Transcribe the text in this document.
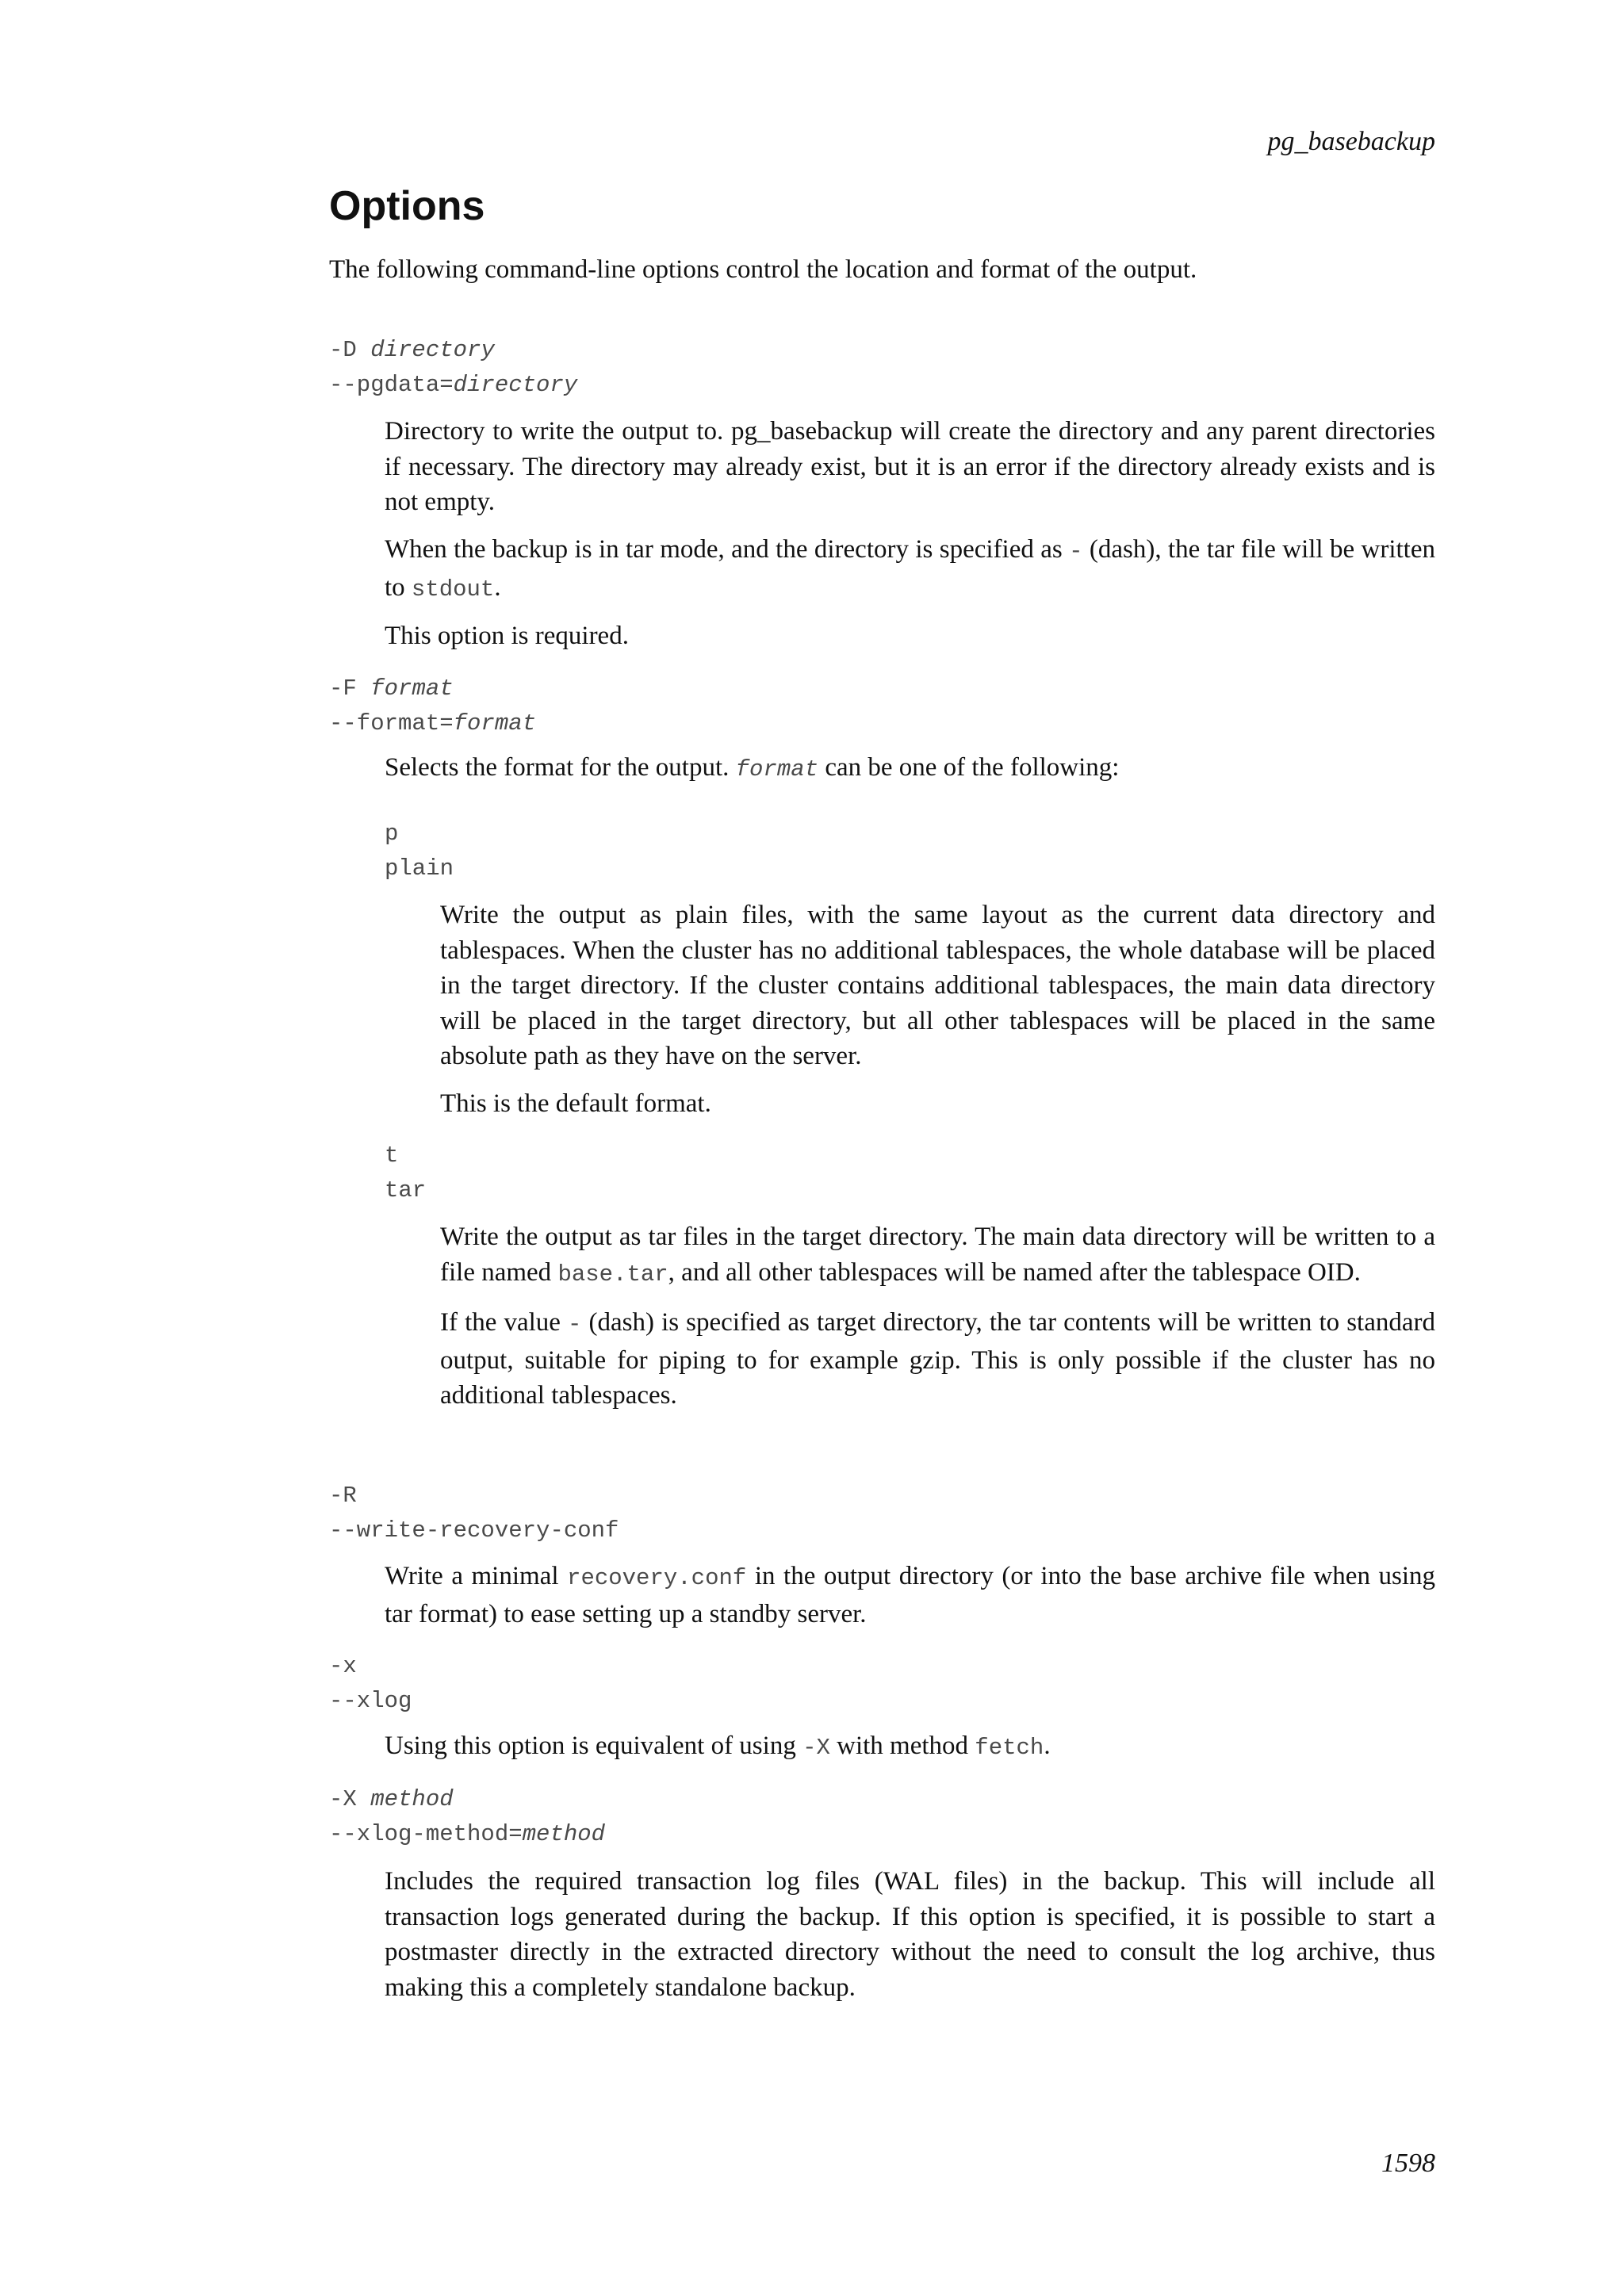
pg_basebackup
Options

The following command-line options control the location and format of the output.

-D directory
--pgdata=directory

Directory to write the output to. pg_basebackup will create the directory and any parent directories if necessary. The directory may already exist, but it is an error if the directory already exists and is not empty.

When the backup is in tar mode, and the directory is specified as - (dash), the tar file will be written to stdout.

This option is required.

-F format
--format=format

Selects the format for the output. format can be one of the following:

p
plain

Write the output as plain files, with the same layout as the current data directory and tablespaces. When the cluster has no additional tablespaces, the whole database will be placed in the target directory. If the cluster contains additional tablespaces, the main data directory will be placed in the target directory, but all other tablespaces will be placed in the same absolute path as they have on the server.

This is the default format.

t
tar

Write the output as tar files in the target directory. The main data directory will be written to a file named base.tar, and all other tablespaces will be named after the tablespace OID.

If the value - (dash) is specified as target directory, the tar contents will be written to standard output, suitable for piping to for example gzip. This is only possible if the cluster has no additional tablespaces.

-R
--write-recovery-conf

Write a minimal recovery.conf in the output directory (or into the base archive file when using tar format) to ease setting up a standby server.

-x
--xlog

Using this option is equivalent of using -X with method fetch.

-X method
--xlog-method=method

Includes the required transaction log files (WAL files) in the backup. This will include all transaction logs generated during the backup. If this option is specified, it is possible to start a postmaster directly in the extracted directory without the need to consult the log archive, thus making this a completely standalone backup.

1598
